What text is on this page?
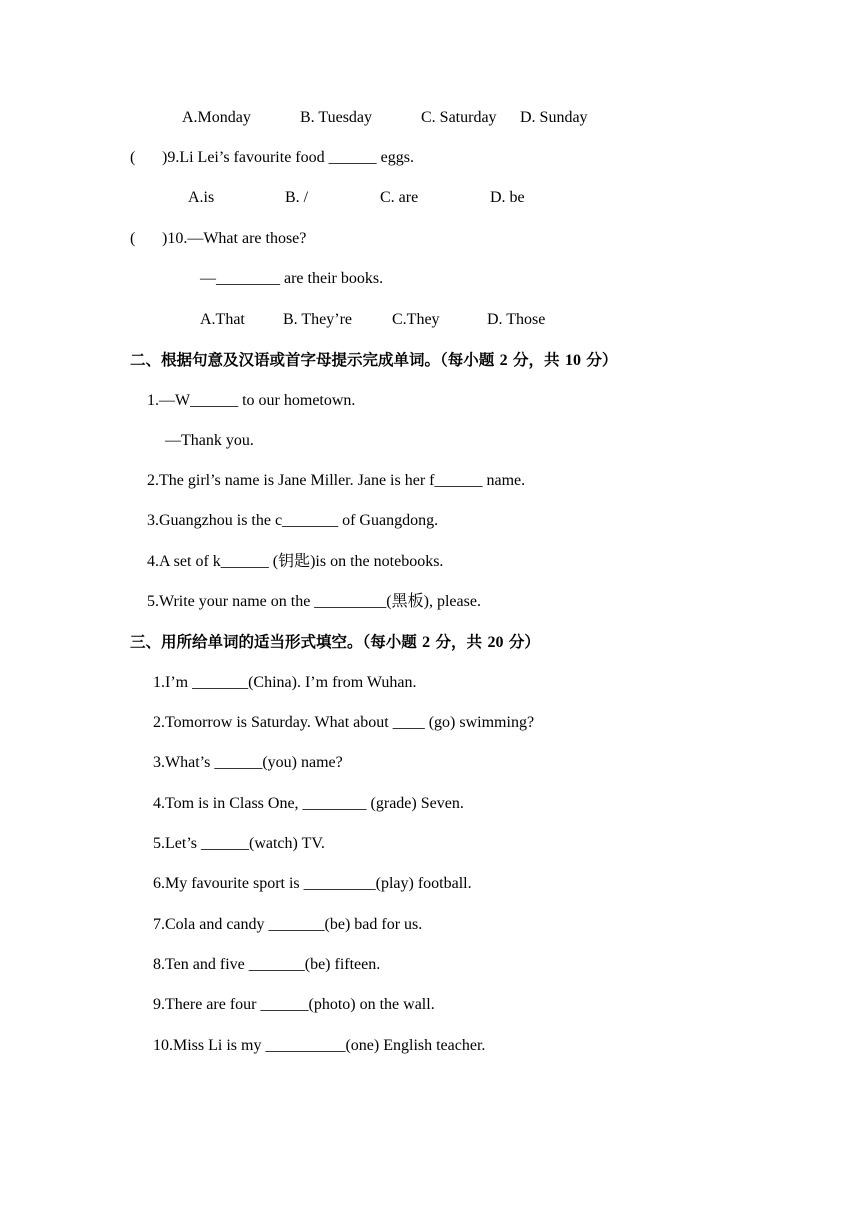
A.Monday	B. Tuesday	C. Saturday D. Sunday
( )9.Li Lei’s favourite food ______ eggs.
A.is	B. /	C. are	D. be
( )10.—What are those?
—________ are their books.
A.That B. They’re C.They	D. Those
二、根据句意及汉语或首字母提示完成单词。（每小题 2 分，共 10 分）
1.—W______ to our hometown.
—Thank you.
2.The girl’s name is Jane Miller. Jane is her f______ name.
3.Guangzhou is the c_______ of Guangdong.
4.A set of k______ (钥匙)is on the notebooks.
5.Write your name on the _________(黑板), please.
三、用所给单词的适当形式填空。（每小题 2 分，共 20 分）
1.I’m _______(China). I’m from Wuhan.
2.Tomorrow is Saturday. What about ____ (go) swimming?
3.What’s ______(you) name?
4.Tom is in Class One, ________ (grade) Seven.
5.Let’s ______(watch) TV.
6.My favourite sport is _________(play) football.
7.Cola and candy _______(be) bad for us.
8.Ten and five _______(be) fifteen.
9.There are four ______(photo) on the wall.
10.Miss Li is my __________(one) English teacher.
